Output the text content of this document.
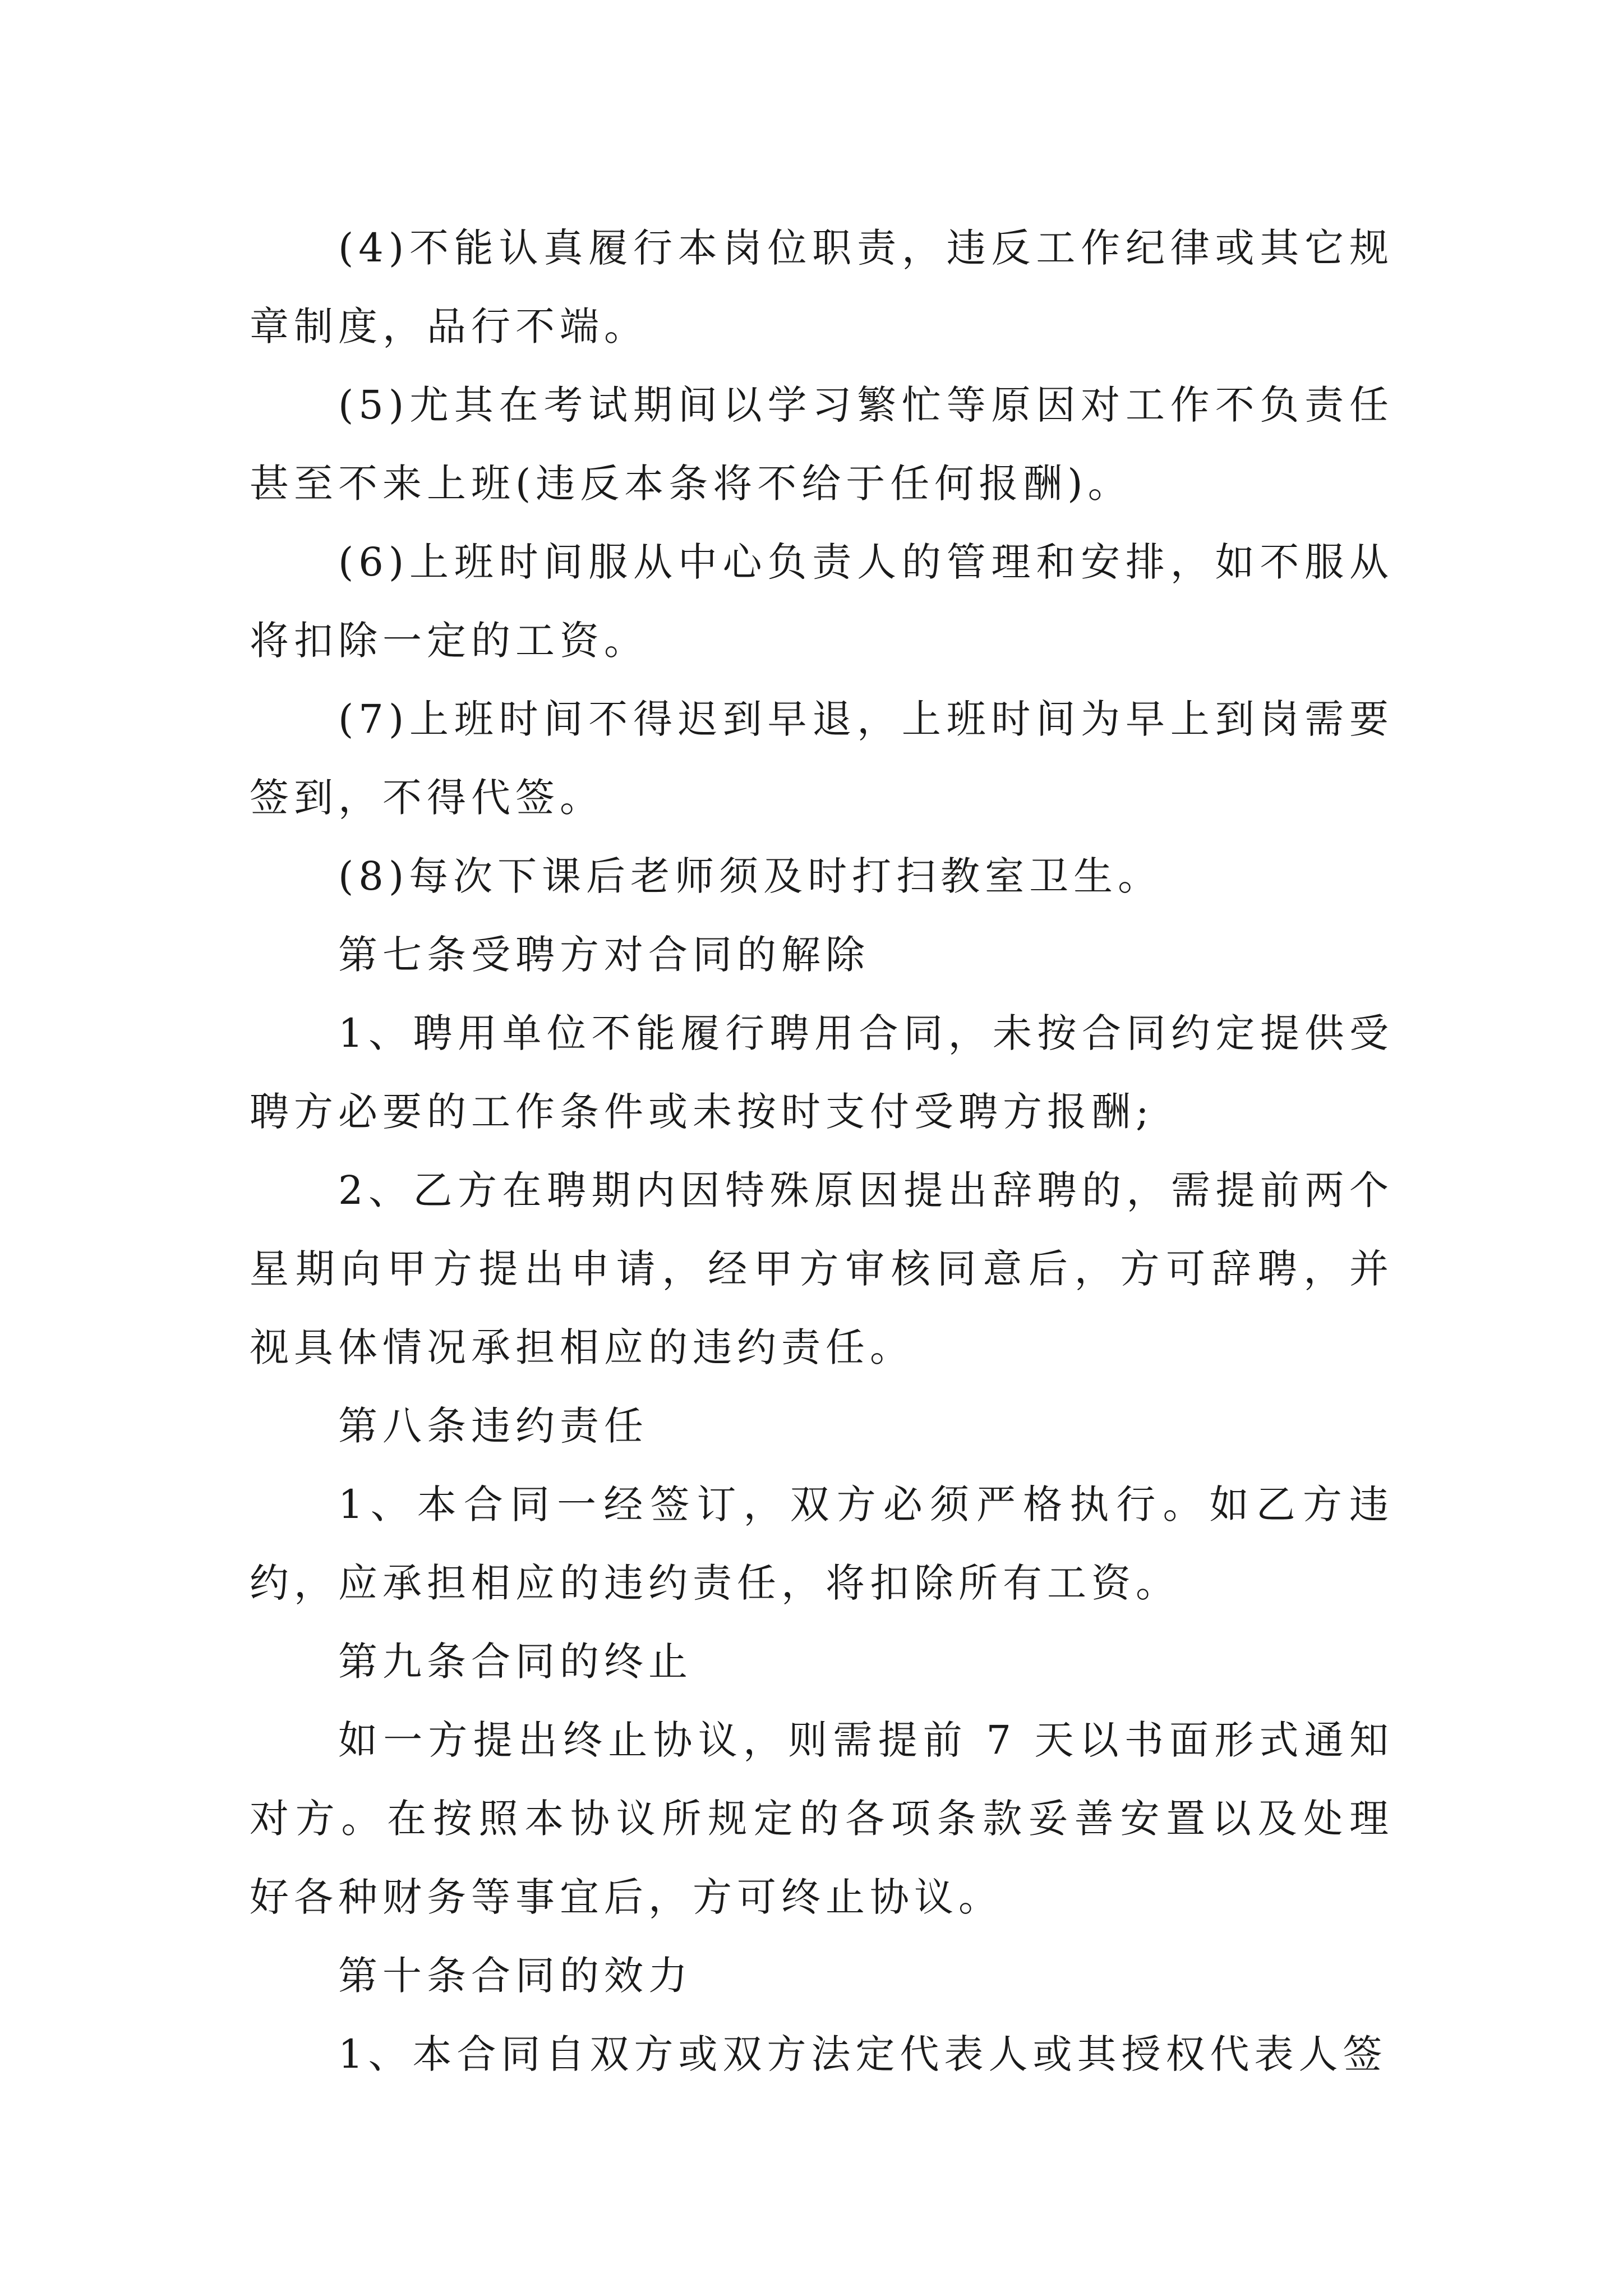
(4)不能认真履行本岗位职责，违反工作纪律或其它规章制度，品行不端。

(5)尤其在考试期间以学习繁忙等原因对工作不负责任甚至不来上班(违反本条将不给于任何报酬)。

(6)上班时间服从中心负责人的管理和安排，如不服从将扣除一定的工资。

(7)上班时间不得迟到早退，上班时间为早上到岗需要签到，不得代签。

(8)每次下课后老师须及时打扫教室卫生。

第七条受聘方对合同的解除

1、聘用单位不能履行聘用合同，未按合同约定提供受聘方必要的工作条件或未按时支付受聘方报酬;

2、乙方在聘期内因特殊原因提出辞聘的，需提前两个星期向甲方提出申请，经甲方审核同意后，方可辞聘，并视具体情况承担相应的违约责任。

第八条违约责任

1、本合同一经签订，双方必须严格执行。如乙方违约，应承担相应的违约责任，将扣除所有工资。

第九条合同的终止

如一方提出终止协议，则需提前 7 天以书面形式通知对方。在按照本协议所规定的各项条款妥善安置以及处理好各种财务等事宜后，方可终止协议。

第十条合同的效力

1、本合同自双方或双方法定代表人或其授权代表人签
